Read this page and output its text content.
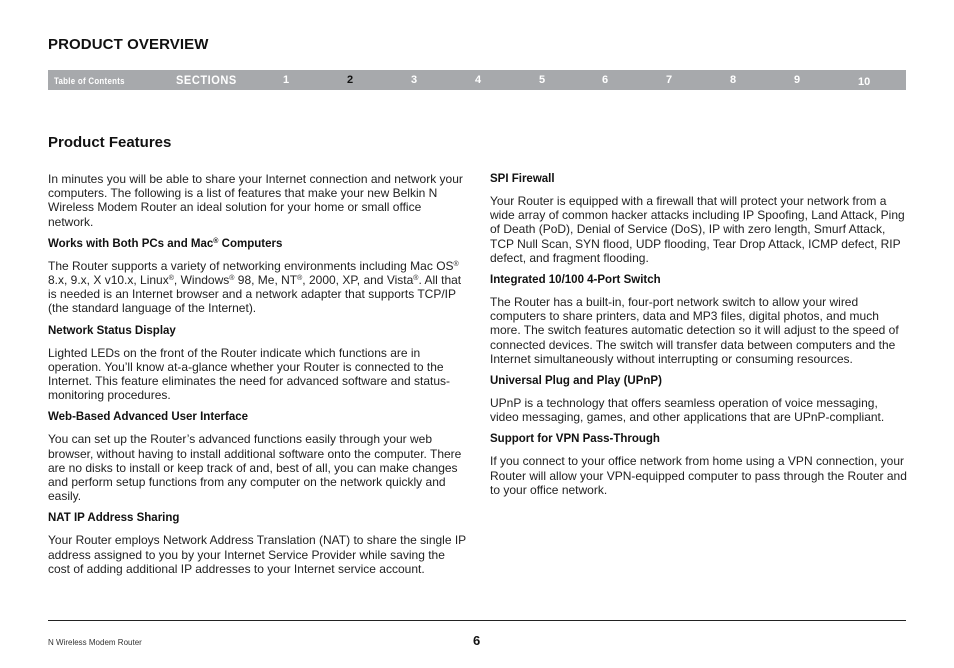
PRODUCT OVERVIEW
Table of Contents	SECTIONS	1	2	3	4	5	6	7	8	9	10
Product Features

In minutes you will be able to share your Internet connection and network your computers. The following is a list of features that make your new Belkin N Wireless Modem Router an ideal solution for your home or small office network.

Works with Both PCs and Mac® Computers

The Router supports a variety of networking environments including Mac OS® 8.x, 9.x, X v10.x, Linux®, Windows® 98, Me, NT®, 2000, XP, and Vista®. All that is needed is an Internet browser and a network adapter that supports TCP/IP (the standard language of the Internet).

Network Status Display

Lighted LEDs on the front of the Router indicate which functions are in operation. You’ll know at-a-glance whether your Router is connected to the Internet. This feature eliminates the need for advanced software and status-monitoring procedures.

Web-Based Advanced User Interface

You can set up the Router’s advanced functions easily through your web browser, without having to install additional software onto the computer. There are no disks to install or keep track of and, best of all, you can make changes and perform setup functions from any computer on the network quickly and easily.

NAT IP Address Sharing

Your Router employs Network Address Translation (NAT) to share the single IP address assigned to you by your Internet Service Provider while saving the cost of adding additional IP addresses to your Internet service account.

SPI Firewall

Your Router is equipped with a firewall that will protect your network from a wide array of common hacker attacks including IP Spoofing, Land Attack, Ping of Death (PoD), Denial of Service (DoS), IP with zero length, Smurf Attack, TCP Null Scan, SYN flood, UDP flooding, Tear Drop Attack, ICMP defect, RIP defect, and fragment flooding.

Integrated 10/100 4-Port Switch

The Router has a built-in, four-port network switch to allow your wired computers to share printers, data and MP3 files, digital photos, and much more. The switch features automatic detection so it will adjust to the speed of connected devices. The switch will transfer data between computers and the Internet simultaneously without interrupting or consuming resources.

Universal Plug and Play (UPnP)

UPnP is a technology that offers seamless operation of voice messaging, video messaging, games, and other applications that are UPnP-compliant.

Support for VPN Pass-Through

If you connect to your office network from home using a VPN connection, your Router will allow your VPN-equipped computer to pass through the Router and to your office network.

N Wireless Modem Router	6
